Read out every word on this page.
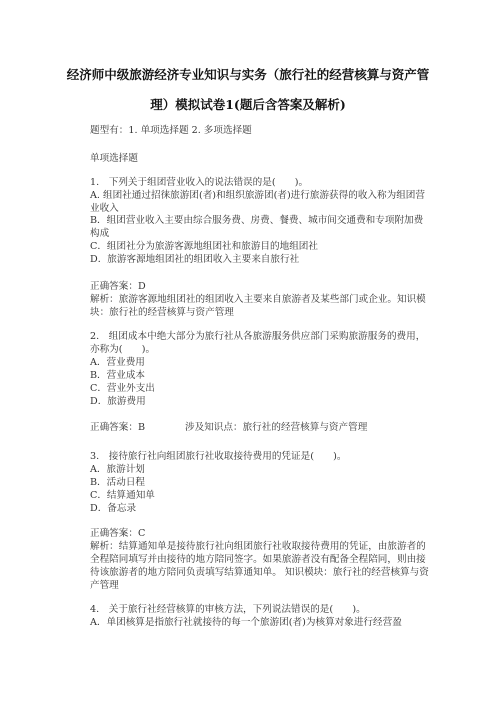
经济师中级旅游经济专业知识与实务（旅行社的经营核算与资产管
理）模拟试卷1(题后含答案及解析)
题型有：1. 单项选择题 2. 多项选择题
单项选择题
1.　下列关于组团营业收入的说法错误的是(　　)。
A. 组团社通过招徕旅游团(者)和组织旅游团(者)进行旅游获得的收入称为组团营业收入
B．组团营业收入主要由综合服务费、房费、餐费、城市间交通费和专项附加费构成
C．组团社分为旅游客源地组团社和旅游目的地组团社
D．旅游客源地组团社的组团收入主要来自旅行社
正确答案：D
解析：旅游客源地组团社的组团收入主要来自旅游者及某些部门或企业。知识模块：旅行社的经营核算与资产管理
2.　组团成本中绝大部分为旅行社从各旅游服务供应部门采购旅游服务的费用，亦称为(　　)。
A．营业费用
B．营业成本
C．营业外支出
D．旅游费用
正确答案：B	涉及知识点：旅行社的经营核算与资产管理
3.　接待旅行社向组团旅行社收取接待费用的凭证是(　　)。
A．旅游计划
B．活动日程
C．结算通知单
D．备忘录
正确答案：C
解析：结算通知单是接待旅行社向组团旅行社收取接待费用的凭证，由旅游者的全程陪同填写并由接待的地方陪同签字。如果旅游者没有配备全程陪同，则由接待该旅游者的地方陪同负责填写结算通知单。 知识模块：旅行社的经营核算与资产管理
4.　关于旅行社经营核算的审核方法，下列说法错误的是(　　)。
A．单团核算是指旅行社就接待的每一个旅游团(者)为核算对象进行经营盈
